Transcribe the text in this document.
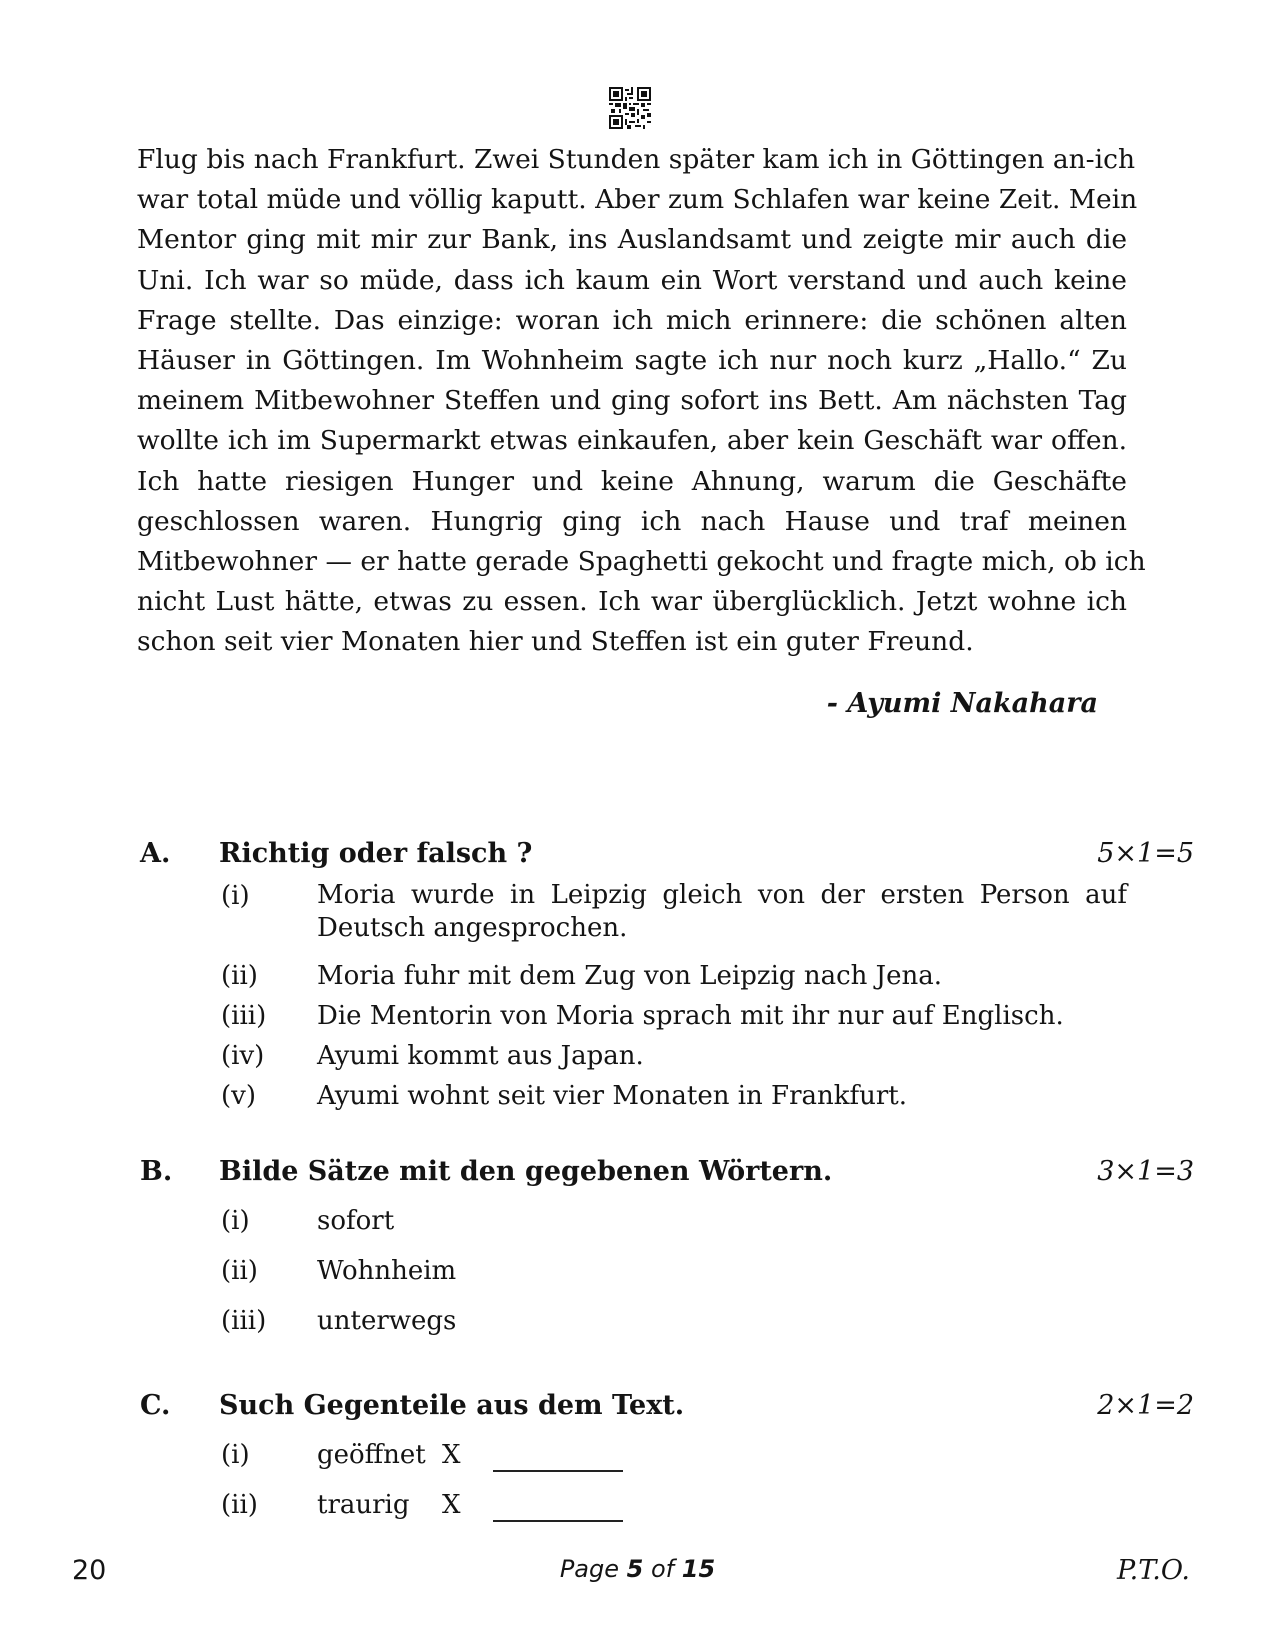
Flug bis nach Frankfurt. Zwei Stunden später kam ich in Göttingen an-ich
war total müde und völlig kaputt. Aber zum Schlafen war keine Zeit. Mein
Mentor ging mit mir zur Bank, ins Auslandsamt und zeigte mir auch die
Uni. Ich war so müde, dass ich kaum ein Wort verstand und auch keine
Frage stellte. Das einzige: woran ich mich erinnere: die schönen alten
Häuser in Göttingen. Im Wohnheim sagte ich nur noch kurz „Hallo.“ Zu
meinem Mitbewohner Steffen und ging sofort ins Bett. Am nächsten Tag
wollte ich im Supermarkt etwas einkaufen, aber kein Geschäft war offen.
Ich hatte riesigen Hunger und keine Ahnung, warum die Geschäfte
geschlossen waren. Hungrig ging ich nach Hause und traf meinen
Mitbewohner — er hatte gerade Spaghetti gekocht und fragte mich, ob ich
nicht Lust hätte, etwas zu essen. Ich war überglücklich. Jetzt wohne ich
schon seit vier Monaten hier und Steffen ist ein guter Freund.
- Ayumi Nakahara
A. Richtig oder falsch ?	5×1=5
(i)	Moria wurde in Leipzig gleich von der ersten Person auf Deutsch angesprochen.
(ii) Moria fuhr mit dem Zug von Leipzig nach Jena.
(iii) Die Mentorin von Moria sprach mit ihr nur auf Englisch.
(iv) Ayumi kommt aus Japan.
(v) Ayumi wohnt seit vier Monaten in Frankfurt.
B. Bilde Sätze mit den gegebenen Wörtern.	3×1=3
(i)	sofort
(ii) Wohnheim
(iii) unterwegs
C. Such Gegenteile aus dem Text.	2×1=2
(i)	geöffnet X
(ii) traurig X
20	Page 5 of 15	P.T.O.
